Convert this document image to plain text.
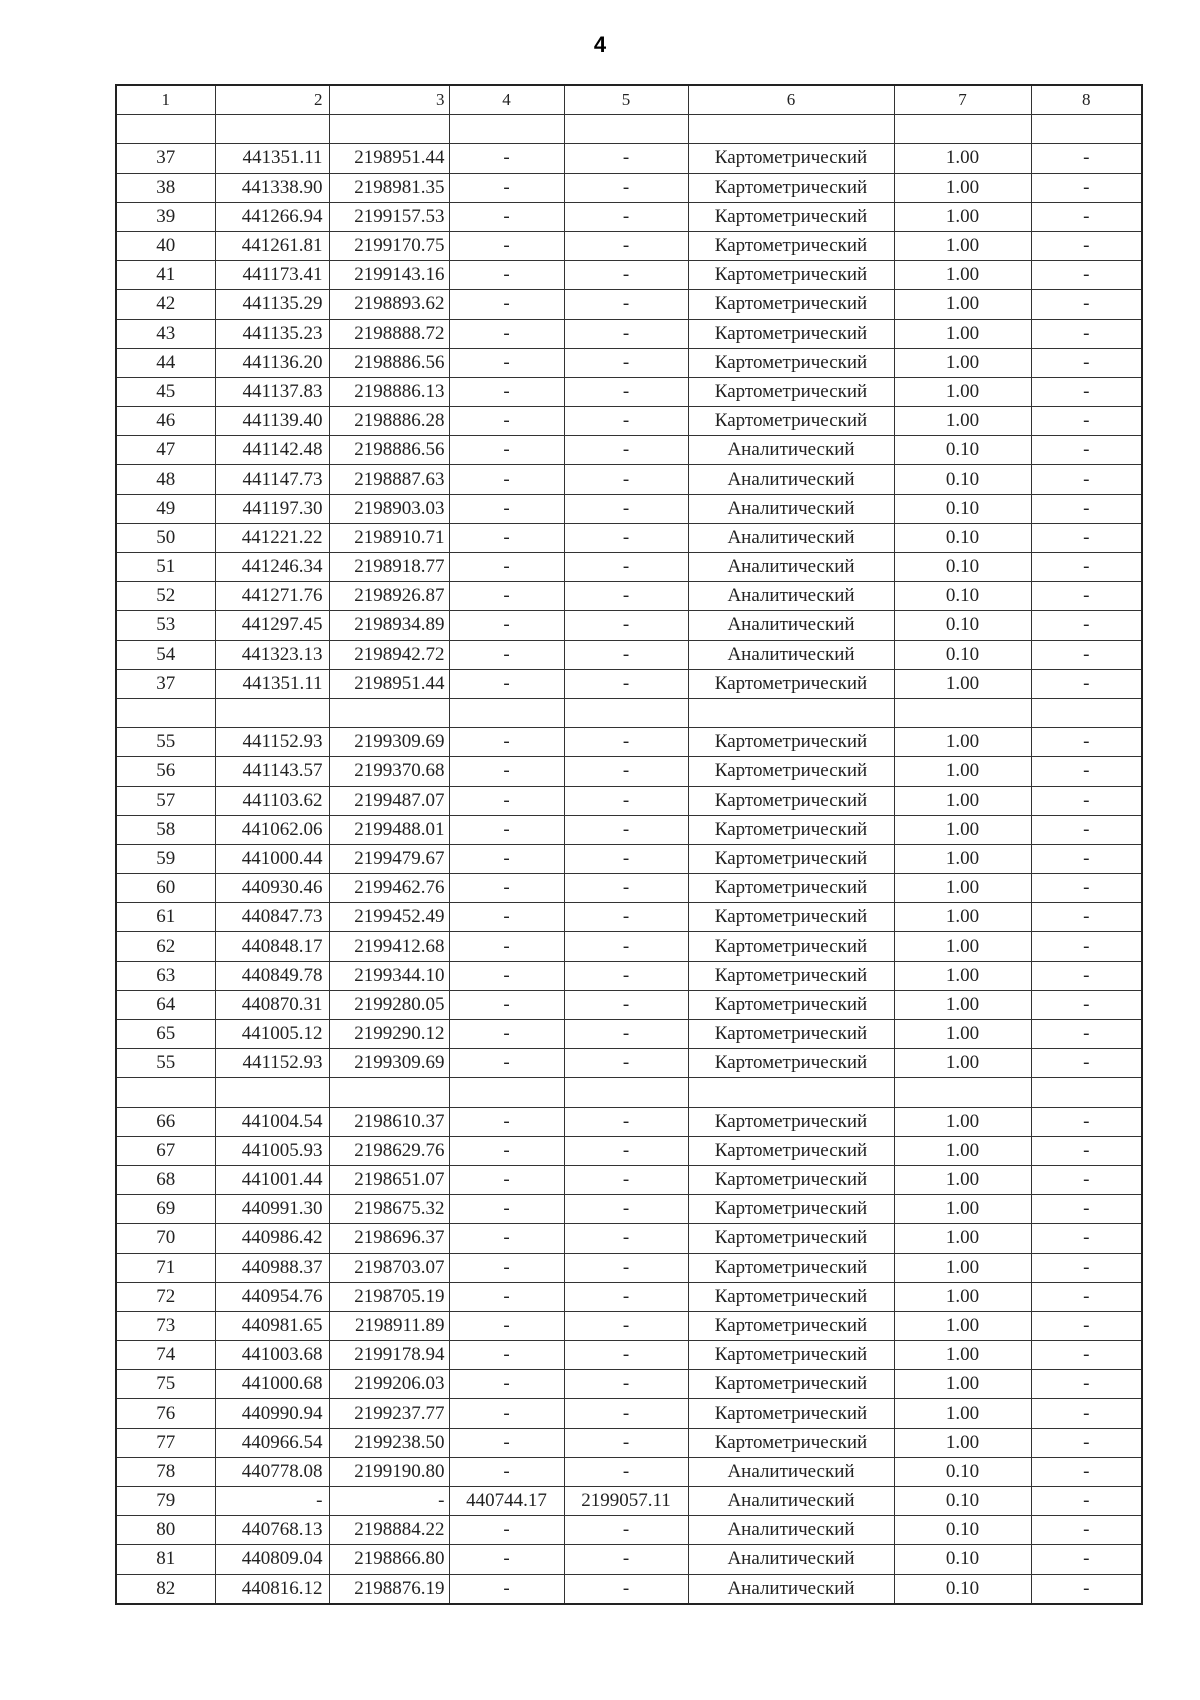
4
1	2	3	4	5	6	7	8

37	441351.11	2198951.44	-	-	Картометрический	1.00	-
38	441338.90	2198981.35	-	-	Картометрический	1.00	-
39	441266.94	2199157.53	-	-	Картометрический	1.00	-
40	441261.81	2199170.75	-	-	Картометрический	1.00	-
41	441173.41	2199143.16	-	-	Картометрический	1.00	-
42	441135.29	2198893.62	-	-	Картометрический	1.00	-
43	441135.23	2198888.72	-	-	Картометрический	1.00	-
44	441136.20	2198886.56	-	-	Картометрический	1.00	-
45	441137.83	2198886.13	-	-	Картометрический	1.00	-
46	441139.40	2198886.28	-	-	Картометрический	1.00	-
47	441142.48	2198886.56	-	-	Аналитический	0.10	-
48	441147.73	2198887.63	-	-	Аналитический	0.10	-
49	441197.30	2198903.03	-	-	Аналитический	0.10	-
50	441221.22	2198910.71	-	-	Аналитический	0.10	-
51	441246.34	2198918.77	-	-	Аналитический	0.10	-
52	441271.76	2198926.87	-	-	Аналитический	0.10	-
53	441297.45	2198934.89	-	-	Аналитический	0.10	-
54	441323.13	2198942.72	-	-	Аналитический	0.10	-
37	441351.11	2198951.44	-	-	Картометрический	1.00	-

55	441152.93	2199309.69	-	-	Картометрический	1.00	-
56	441143.57	2199370.68	-	-	Картометрический	1.00	-
57	441103.62	2199487.07	-	-	Картометрический	1.00	-
58	441062.06	2199488.01	-	-	Картометрический	1.00	-
59	441000.44	2199479.67	-	-	Картометрический	1.00	-
60	440930.46	2199462.76	-	-	Картометрический	1.00	-
61	440847.73	2199452.49	-	-	Картометрический	1.00	-
62	440848.17	2199412.68	-	-	Картометрический	1.00	-
63	440849.78	2199344.10	-	-	Картометрический	1.00	-
64	440870.31	2199280.05	-	-	Картометрический	1.00	-
65	441005.12	2199290.12	-	-	Картометрический	1.00	-
55	441152.93	2199309.69	-	-	Картометрический	1.00	-

66	441004.54	2198610.37	-	-	Картометрический	1.00	-
67	441005.93	2198629.76	-	-	Картометрический	1.00	-
68	441001.44	2198651.07	-	-	Картометрический	1.00	-
69	440991.30	2198675.32	-	-	Картометрический	1.00	-
70	440986.42	2198696.37	-	-	Картометрический	1.00	-
71	440988.37	2198703.07	-	-	Картометрический	1.00	-
72	440954.76	2198705.19	-	-	Картометрический	1.00	-
73	440981.65	2198911.89	-	-	Картометрический	1.00	-
74	441003.68	2199178.94	-	-	Картометрический	1.00	-
75	441000.68	2199206.03	-	-	Картометрический	1.00	-
76	440990.94	2199237.77	-	-	Картометрический	1.00	-
77	440966.54	2199238.50	-	-	Картометрический	1.00	-
78	440778.08	2199190.80	-	-	Аналитический	0.10	-
79	-	-	440744.17	2199057.11	Аналитический	0.10	-
80	440768.13	2198884.22	-	-	Аналитический	0.10	-
81	440809.04	2198866.80	-	-	Аналитический	0.10	-
82	440816.12	2198876.19	-	-	Аналитический	0.10	-
